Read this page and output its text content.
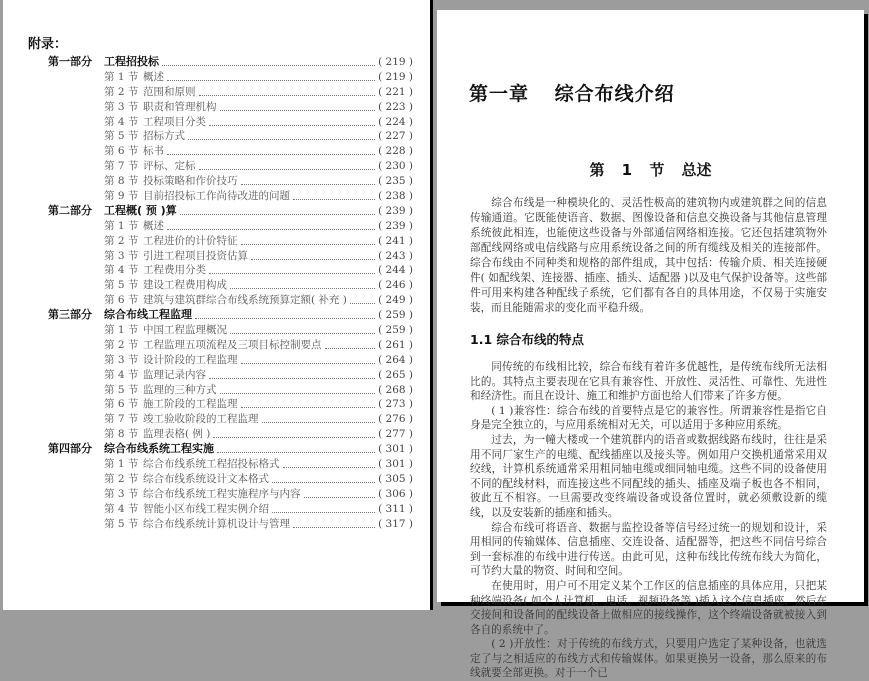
附录：
第一部分	工程招投标	( 219 )
第 1 节 概述	( 219 )
第 2 节 范围和原则	( 221 )
第 3 节 职责和管理机构	( 223 )
第 4 节 工程项目分类	( 224 )
第 5 节 招标方式	( 227 )
第 6 节 标书	( 228 )
第 7 节 评标、定标	( 230 )
第 8 节 投标策略和作价技巧	( 235 )
第 9 节 目前招投标工作尚待改进的问题	( 238 )
第二部分	工程概( 预 )算	( 239 )
第 1 节 概述	( 239 )
第 2 节 工程进价的计价特征	( 241 )
第 3 节 引进工程项目投资估算	( 243 )
第 4 节 工程费用分类	( 244 )
第 5 节 建设工程费用构成	( 246 )
第 6 节 建筑与建筑群综合布线系统预算定额( 补充 )	( 249 )
第三部分	综合布线工程监理	( 259 )
第 1 节 中国工程监理概况	( 259 )
第 2 节 工程监理五项流程及三项目标控制要点	( 261 )
第 3 节 设计阶段的工程监理	( 264 )
第 4 节 监理记录内容	( 265 )
第 5 节 监理的三种方式	( 268 )
第 6 节 施工阶段的工程监理	( 273 )
第 7 节 竣工验收阶段的工程监理	( 276 )
第 8 节 监理表格( 例 )	( 277 )
第四部分	综合布线系统工程实施	( 301 )
第 1 节 综合布线系统工程招投标格式	( 301 )
第 2 节 综合布线系统设计文本格式	( 305 )
第 3 节 综合布线系统工程实施程序与内容	( 306 )
第 4 节 智能小区布线工程实例介绍	( 311 )
第 5 节 综合布线系统计算机设计与管理	( 317 )
第一章 综合布线介绍
第 1 节 总述

综合布线是一种模块化的、灵活性极高的建筑物内或建筑群之间的信息传输通道。它既能使语音、数据、图像设备和信息交换设备与其他信息管理系统彼此相连，也能使这些设备与外部通信网络相连接。它还包括建筑物外部配线网络或电信线路与应用系统设备之间的所有缆线及相关的连接部件。综合布线由不同种类和规格的部件组成，其中包括：传输介质、相关连接硬件( 如配线架、连接器、插座、插头、适配器 )以及电气保护设备等。这些部件可用来构建各种配线子系统，它们都有各自的具体用途，不仅易于实施安装，而且能随需求的变化而平稳升级。

1.1 综合布线的特点

同传统的布线相比较，综合布线有着许多优越性，是传统布线所无法相比的。其特点主要表现在它具有兼容性、开放性、灵活性、可靠性、先进性和经济性。而且在设计、施工和维护方面也给人们带来了许多方便。

( 1 )兼容性：综合布线的首要特点是它的兼容性。所谓兼容性是指它自身是完全独立的，与应用系统相对无关，可以适用于多种应用系统。

过去，为一幢大楼或一个建筑群内的语音或数据线路布线时，往往是采用不同厂家生产的电缆、配线插座以及接头等。例如用户交换机通常采用双绞线，计算机系统通常采用粗同轴电缆或细同轴电缆。这些不同的设备使用不同的配线材料，而连接这些不同配线的插头、插座及端子板也各不相同，彼此互不相容。一旦需要改变终端设备或设备位置时，就必须敷设新的缆线，以及安装新的插座和插头。

综合布线可将语音、数据与监控设备等信号经过统一的规划和设计，采用相同的传输媒体、信息插座、交连设备、适配器等，把这些不同信号综合到一套标准的布线中进行传送。由此可见，这种布线比传统布线大为简化，可节约大量的物资、时间和空间。

在使用时，用户可不用定义某个工作区的信息插座的具体应用，只把某种终端设备( 如个人计算机、电话、视频设备等 )插入这个信息插座，然后在交接间和设备间的配线设备上做相应的接线操作，这个终端设备就被接入到各自的系统中了。

( 2 )开放性：对于传统的布线方式，只要用户选定了某种设备，也就选定了与之相适应的布线方式和传输媒体。如果更换另一设备，那么原来的布线就要全部更换。对于一个已
